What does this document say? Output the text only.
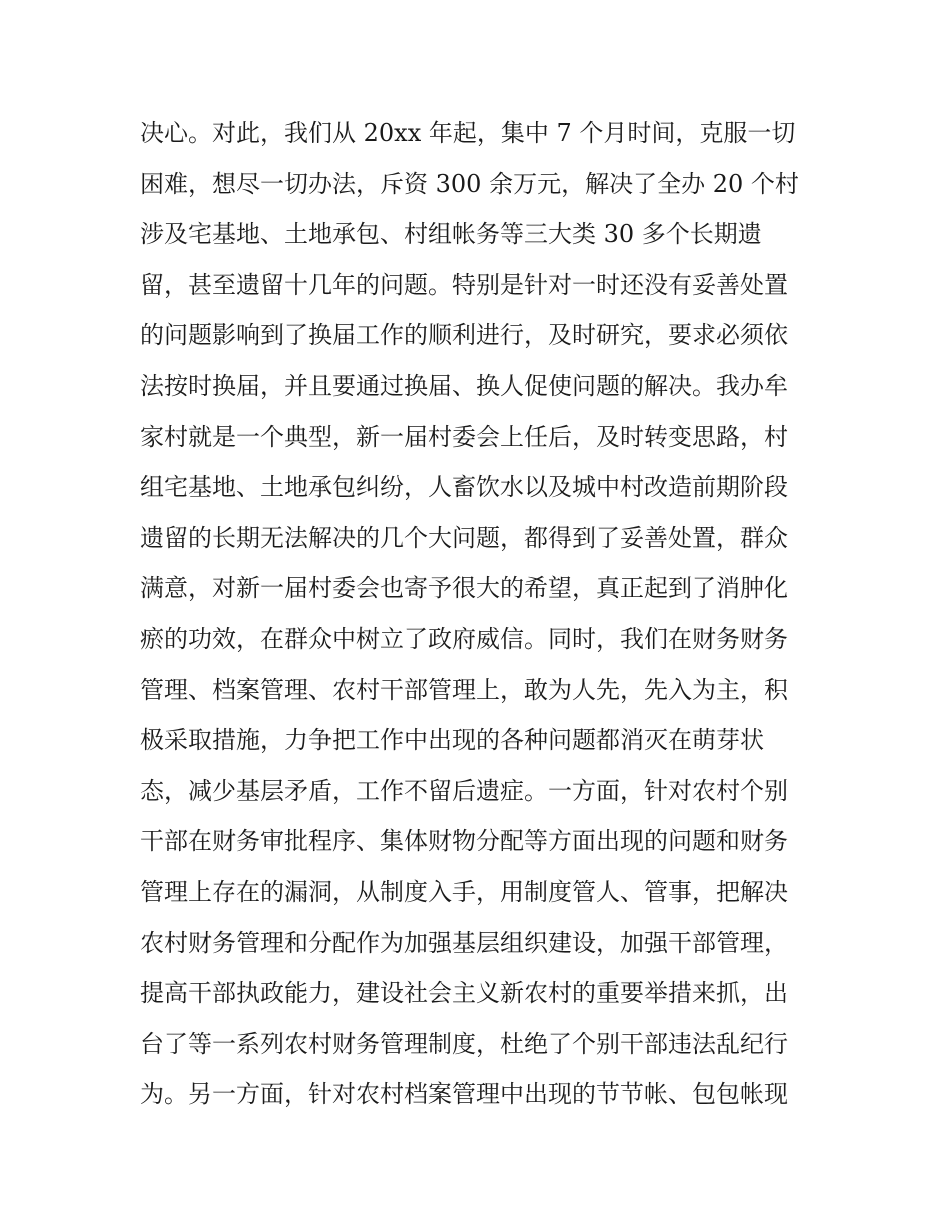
决心。对此，我们从 20xx 年起，集中 7 个月时间，克服一切
困难，想尽一切办法，斥资 300 余万元，解决了全办 20 个村
涉及宅基地、土地承包、村组帐务等三大类 30 多个长期遗
留，甚至遗留十几年的问题。特别是针对一时还没有妥善处置
的问题影响到了换届工作的顺利进行，及时研究，要求必须依
法按时换届，并且要通过换届、换人促使问题的解决。我办牟
家村就是一个典型，新一届村委会上任后，及时转变思路，村
组宅基地、土地承包纠纷，人畜饮水以及城中村改造前期阶段
遗留的长期无法解决的几个大问题，都得到了妥善处置，群众
满意，对新一届村委会也寄予很大的希望，真正起到了消肿化
瘀的功效，在群众中树立了政府威信。同时，我们在财务财务
管理、档案管理、农村干部管理上，敢为人先，先入为主，积
极采取措施，力争把工作中出现的各种问题都消灭在萌芽状
态，减少基层矛盾，工作不留后遗症。一方面，针对农村个别
干部在财务审批程序、集体财物分配等方面出现的问题和财务
管理上存在的漏洞，从制度入手，用制度管人、管事，把解决
农村财务管理和分配作为加强基层组织建设，加强干部管理，
提高干部执政能力，建设社会主义新农村的重要举措来抓，出
台了等一系列农村财务管理制度，杜绝了个别干部违法乱纪行
为。另一方面，针对农村档案管理中出现的节节帐、包包帐现
